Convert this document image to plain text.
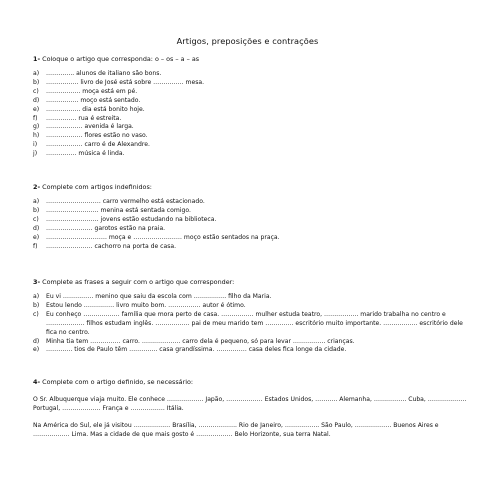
Artigos, preposições e contrações
1- Coloque o artigo que corresponda: o – os – a – as
a) ………….. alunos de italiano são bons.
b) ……………. livro de José está sobre …………… mesa.
c) …………….. moça está em pé.
d) ……………. moço está sentado.
e) …………….. dia está bonito hoje.
f) …………… rua é estreita.
g) ……………… avenida é larga.
h) ……………… flores estão no vaso.
i) ……………… carro é de Alexandre.
j) …………… música é linda.
2- Complete com artigos indefinidos:
a) ……………………… carro vermelho está estacionado.
b) …………………….. menina está sentada comigo.
c) …………………….. jovens estão estudando na biblioteca.
d) ………………….. garotos estão na praia.
e) ………………………… moça e …………………… moço estão sentados na praça.
f) ………………….. cachorro na porta de casa.
3- Complete as frases a seguir com o artigo que corresponder:
a) Eu vi …………… menino que saiu da escola com ……………. filho da Maria.
b) Estou lendo …………… livro muito bom. ……………. autor é ótimo.
c) Eu conheço ……………… família que mora perto de casa. ……………. mulher estuda teatro, …………….. marido trabalha no centro e ………………. filhos estudam inglês. …………….. pai de meu marido tem ………….. escritório muito importante. …………….. escritório dele fica no centro.
d) Minha tia tem …………… carro. ………………. carro dela é pequeno, só para levar ……………. crianças.
e) …………. tios de Paulo têm ………….. casa grandíssima. …………… casa deles fica longe da cidade.
4- Complete com o artigo definido, se necessário:

O Sr. Albuquerque viaja muito. Ele conhece ……………… Japão, ……………… Estados Unidos, ……….. Alemanha, ……………. Cuba, ………………. Portugal, ………………. França e …………….. Itália.

Na América do Sul, ele já visitou ……………… Brasília, ………………. Rio de Janeiro, …………….. São Paulo, ……………… Buenos Aires e ……………… Lima. Mas a cidade de que mais gosto é ……………… Belo Horizonte, sua terra Natal.
